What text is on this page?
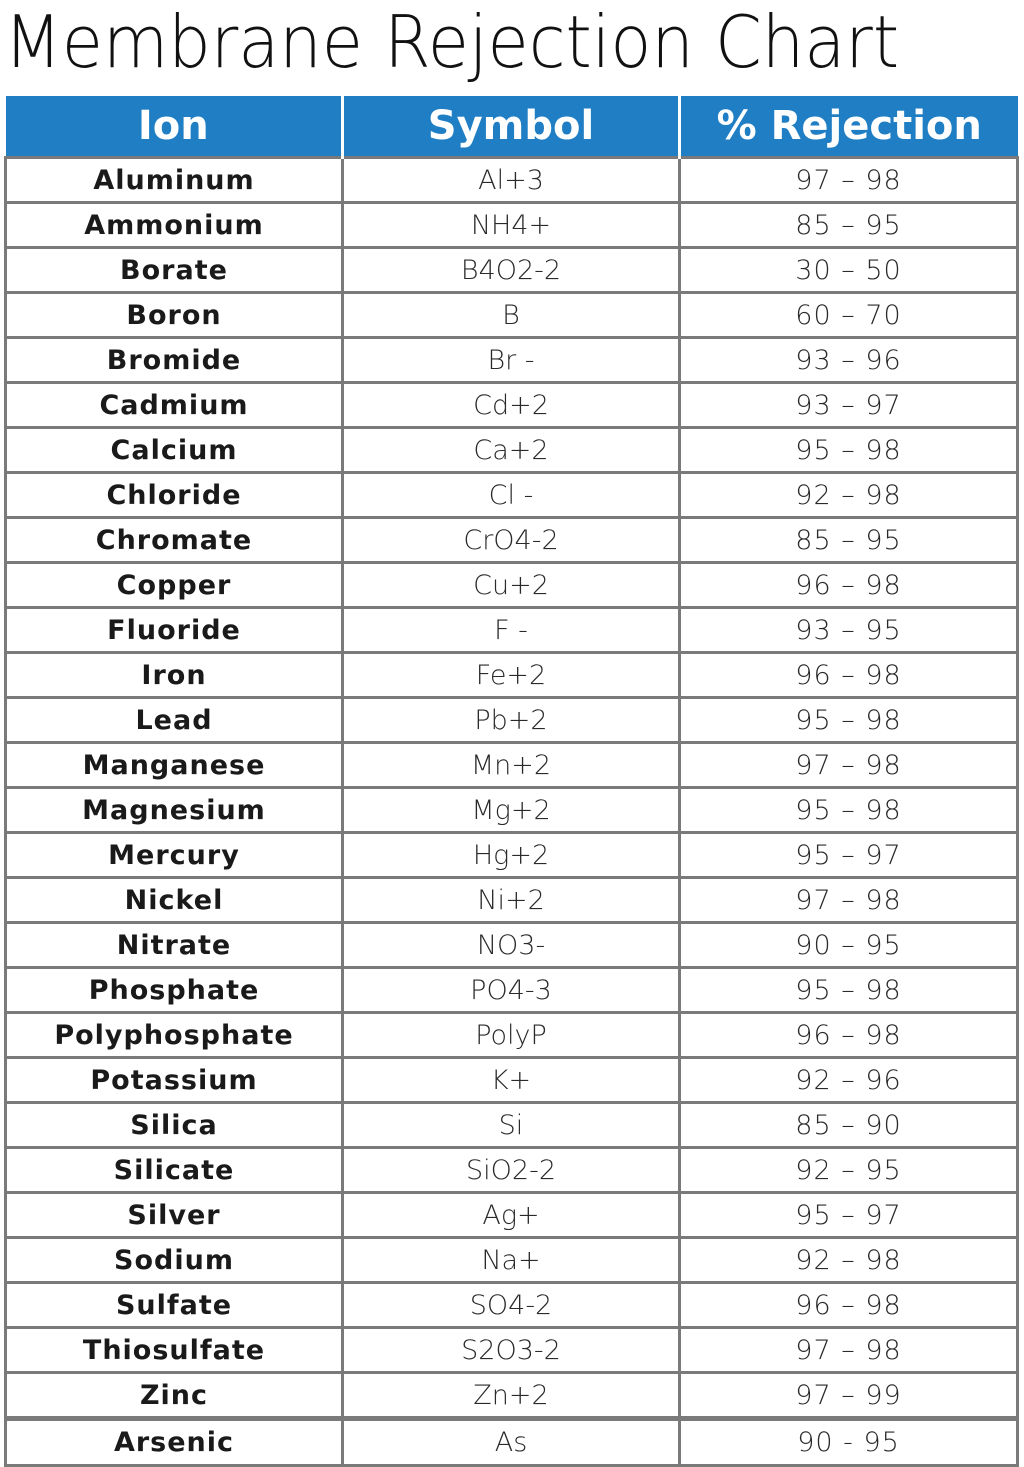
Membrane Rejection Chart
Ion	Symbol	% Rejection
Aluminum	Al+3	97 – 98
Ammonium	NH4+	85 – 95
Borate	B4O2-2	30 – 50
Boron	B	60 – 70
Bromide	Br -	93 – 96
Cadmium	Cd+2	93 – 97
Calcium	Ca+2	95 – 98
Chloride	Cl -	92 – 98
Chromate	CrO4-2	85 – 95
Copper	Cu+2	96 – 98
Fluoride	F -	93 – 95
Iron	Fe+2	96 – 98
Lead	Pb+2	95 – 98
Manganese	Mn+2	97 – 98
Magnesium	Mg+2	95 – 98
Mercury	Hg+2	95 – 97
Nickel	Ni+2	97 – 98
Nitrate	NO3-	90 – 95
Phosphate	PO4-3	95 – 98
Polyphosphate	PolyP	96 – 98
Potassium	K+	92 – 96
Silica	Si	85 – 90
Silicate	SiO2-2	92 – 95
Silver	Ag+	95 – 97
Sodium	Na+	92 – 98
Sulfate	SO4-2	96 – 98
Thiosulfate	S2O3-2	97 – 98
Zinc	Zn+2	97 – 99
Arsenic	As	90 - 95
